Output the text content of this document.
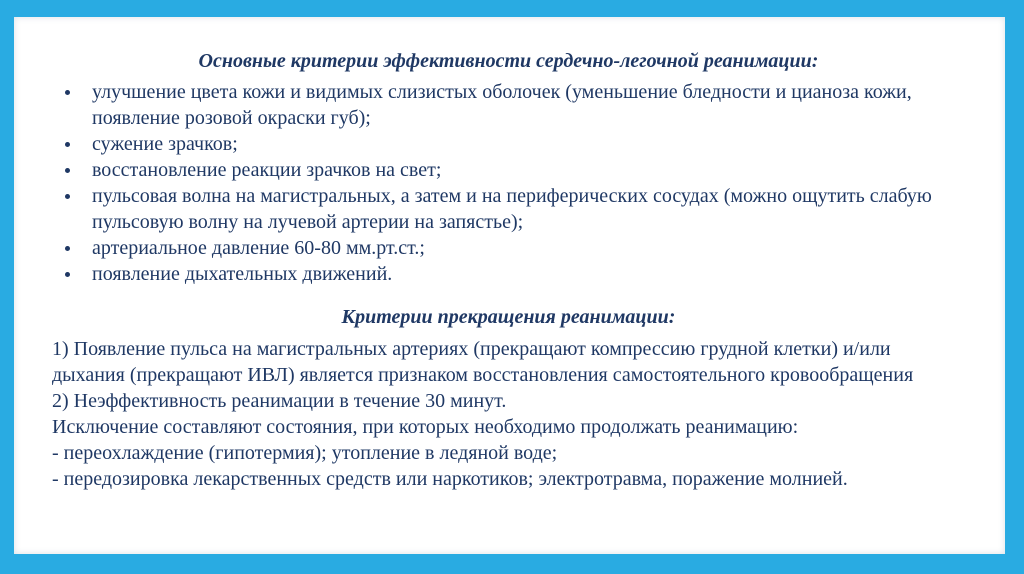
Основные критерии эффективности сердечно-легочной реанимации:

улучшение цвета кожи и видимых слизистых оболочек (уменьшение бледности и цианоза кожи, появление розовой окраски губ);
сужение зрачков;
восстановление реакции зрачков на свет;
пульсовая волна на магистральных, а затем и на периферических сосудах (можно ощутить слабую пульсовую волну на лучевой артерии на запястье);
артериальное давление 60-80 мм.рт.ст.;
появление дыхательных движений.

Критерии прекращения реанимации:

1) Появление пульса на магистральных артериях (прекращают компрессию грудной клетки) и/или дыхания (прекращают ИВЛ) является признаком восстановления самостоятельного кровообращения

2) Неэффективность реанимации в течение 30 минут.

Исключение составляют состояния, при которых необходимо продолжать реанимацию:

- переохлаждение (гипотермия); утопление в ледяной воде;

- передозировка лекарственных средств или наркотиков; электротравма, поражение молнией.
